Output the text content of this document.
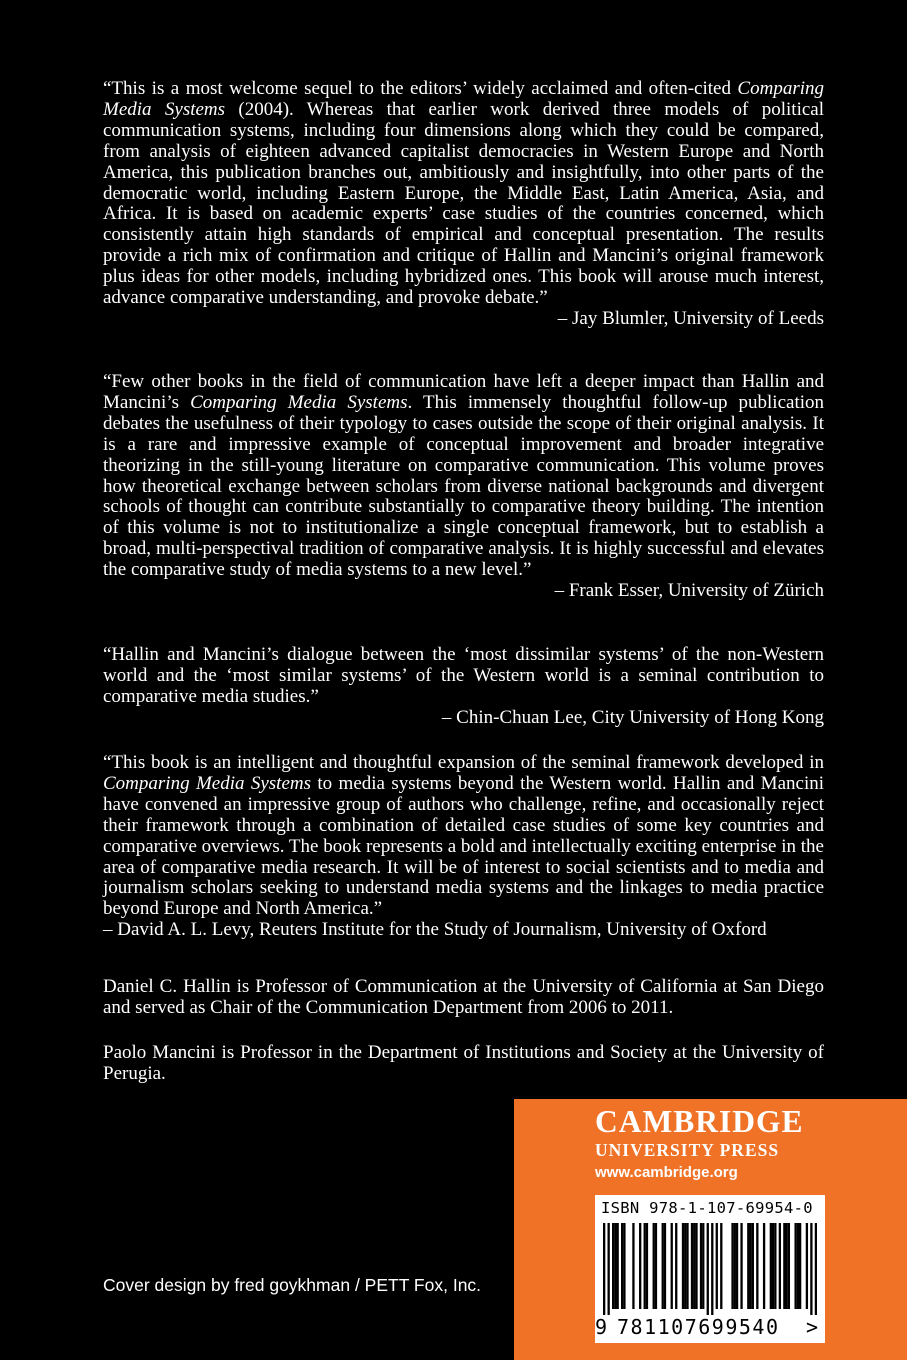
“This is a most welcome sequel to the editors’ widely acclaimed and often-cited Comparing Media Systems (2004). Whereas that earlier work derived three models of political communication systems, including four dimensions along which they could be compared, from analysis of eighteen advanced capitalist democracies in Western Europe and North America, this publication branches out, ambitiously and insightfully, into other parts of the democratic world, including Eastern Europe, the Middle East, Latin America, Asia, and Africa. It is based on academic experts’ case studies of the countries concerned, which consistently attain high standards of empirical and conceptual presentation. The results provide a rich mix of confirmation and critique of Hallin and Mancini’s original framework plus ideas for other models, including hybridized ones. This book will arouse much interest, advance comparative understanding, and provoke debate.”

– Jay Blumler, University of Leeds

“Few other books in the field of communication have left a deeper impact than Hallin and Mancini’s Comparing Media Systems. This immensely thoughtful follow-up publication debates the usefulness of their typology to cases outside the scope of their original analysis. It is a rare and impressive example of conceptual improvement and broader integrative theorizing in the still-young literature on comparative communication. This volume proves how theoretical exchange between scholars from diverse national backgrounds and divergent schools of thought can contribute substantially to comparative theory building. The intention of this volume is not to institutionalize a single conceptual framework, but to establish a broad, multi-perspectival tradition of comparative analysis. It is highly successful and elevates the comparative study of media systems to a new level.”

– Frank Esser, University of Zürich

“Hallin and Mancini’s dialogue between the ‘most dissimilar systems’ of the non-Western world and the ‘most similar systems’ of the Western world is a seminal contribution to comparative media studies.”

– Chin-Chuan Lee, City University of Hong Kong

“This book is an intelligent and thoughtful expansion of the seminal framework developed in Comparing Media Systems to media systems beyond the Western world. Hallin and Mancini have convened an impressive group of authors who challenge, refine, and occasionally reject their framework through a combination of detailed case studies of some key countries and comparative overviews. The book represents a bold and intellectually exciting enterprise in the area of comparative media research. It will be of interest to social scientists and to media and journalism scholars seeking to understand media systems and the linkages to media practice beyond Europe and North America.”

– David A. L. Levy, Reuters Institute for the Study of Journalism, University of Oxford

Daniel C. Hallin is Professor of Communication at the University of California at San Diego and served as Chair of the Communication Department from 2006 to 2011.

Paolo Mancini is Professor in the Department of Institutions and Society at the University of Perugia.

Cover design by fred goykhman / PETT Fox, Inc.
CAMBRIDGE
UNIVERSITY PRESS
www.cambridge.org
ISBN 978-1-107-69954-0
9 781107699540 >
